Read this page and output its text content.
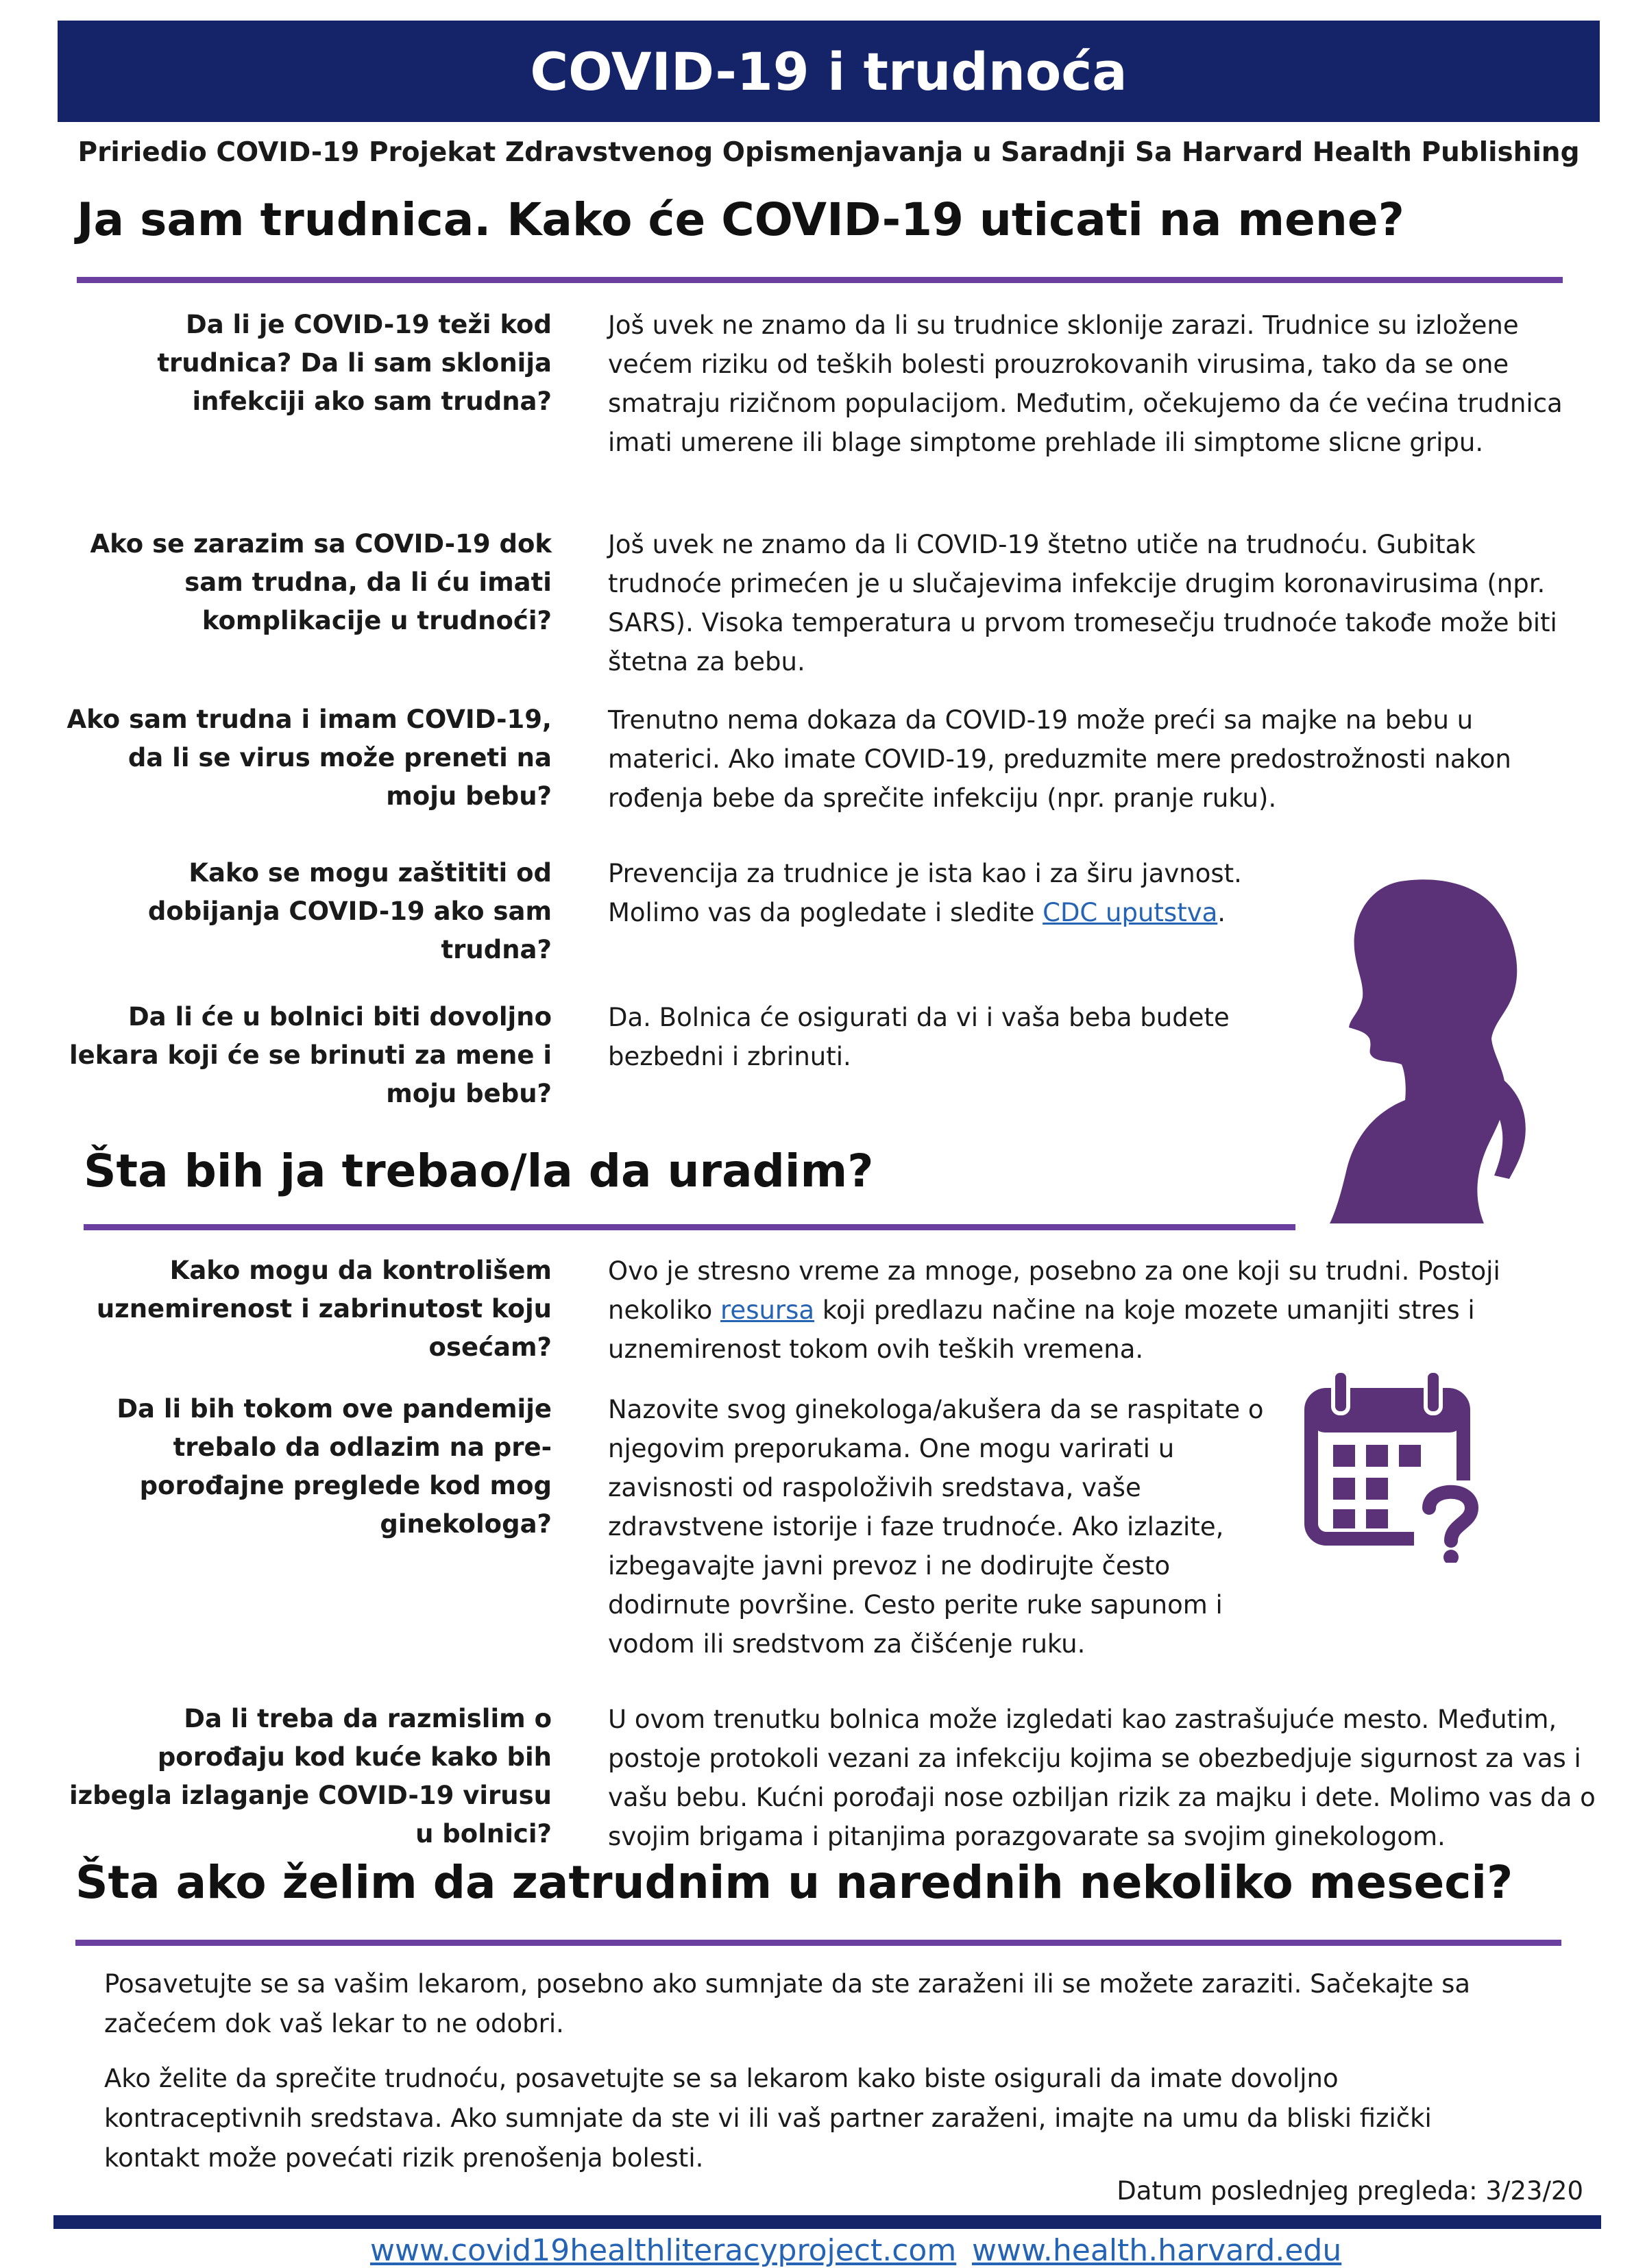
COVID-19 i trudnoća
Pririedio COVID-19 Projekat Zdravstvenog Opismenjavanja u Saradnji Sa Harvard Health Publishing
Ja sam trudnica. Kako će COVID-19 uticati na mene?
Da li je COVID-19 teži kod trudnica? Da li sam sklonija infekciji ako sam trudna?
Još uvek ne znamo da li su trudnice sklonije zarazi. Trudnice su izložene većem riziku od teških bolesti prouzrokovanih virusima, tako da se one smatraju rizičnom populacijom. Međutim, očekujemo da će većina trudnica imati umerene ili blage simptome prehlade ili simptome slicne gripu.
Ako se zarazim sa COVID-19 dok sam trudna, da li ću imati komplikacije u trudnoći?
Još uvek ne znamo da li COVID-19 štetno utiče na trudnoću. Gubitak trudnoće primećen je u slučajevima infekcije drugim koronavirusima (npr. SARS). Visoka temperatura u prvom tromesečju trudnoće takođe može biti štetna za bebu.
Ako sam trudna i imam COVID-19, da li se virus može preneti na moju bebu?
Trenutno nema dokaza da COVID-19 može preći sa majke na bebu u materici. Ako imate COVID-19, preduzmite mere predostrožnosti nakon rođenja bebe da sprečite infekciju (npr. pranje ruku).
Kako se mogu zaštititi od dobijanja COVID-19 ako sam trudna?
Prevencija za trudnice je ista kao i za širu javnost.
Molimo vas da pogledate i sledite CDC uputstva.
Da li će u bolnici biti dovoljno lekara koji će se brinuti za mene i moju bebu?
Da. Bolnica će osigurati da vi i vaša beba budete bezbedni i zbrinuti.
Šta bih ja trebao/la da uradim?
Kako mogu da kontrolišem uznemirenost i zabrinutost koju osećam?
Ovo je stresno vreme za mnoge, posebno za one koji su trudni. Postoji nekoliko resursa koji predlazu načine na koje mozete umanjiti stres i uznemirenost tokom ovih teških vremena.
Da li bih tokom ove pandemije trebalo da odlazim na pre-porođajne preglede kod mog ginekologa?
Nazovite svog ginekologa/akušera da se raspitate o njegovim preporukama. One mogu varirati u zavisnosti od raspoloživih sredstava, vaše zdravstvene istorije i faze trudnoće. Ako izlazite, izbegavajte javni prevoz i ne dodirujte često dodirnute površine. Cesto perite ruke sapunom i vodom ili sredstvom za čišćenje ruku.
Da li treba da razmislim o porođaju kod kuće kako bih izbegla izlaganje COVID-19 virusu u bolnici?
U ovom trenutku bolnica može izgledati kao zastrašujuće mesto. Međutim, postoje protokoli vezani za infekciju kojima se obezbedjuje sigurnost za vas i vašu bebu. Kućni porođaji nose ozbiljan rizik za majku i dete. Molimo vas da o svojim brigama i pitanjima porazgovarate sa svojim ginekologom.
Šta ako želim da zatrudnim u narednih nekoliko meseci?
Posavetujte se sa vašim lekarom, posebno ako sumnjate da ste zaraženi ili se možete zaraziti. Sačekajte sa začećem dok vaš lekar to ne odobri.
Ako želite da sprečite trudnoću, posavetujte se sa lekarom kako biste osigurali da imate dovoljno kontraceptivnih sredstava. Ako sumnjate da ste vi ili vaš partner zaraženi, imajte na umu da bliski fizički kontakt može povećati rizik prenošenja bolesti.
Datum poslednjeg pregleda: 3/23/20
www.covid19healthliteracyproject.com www.health.harvard.edu
